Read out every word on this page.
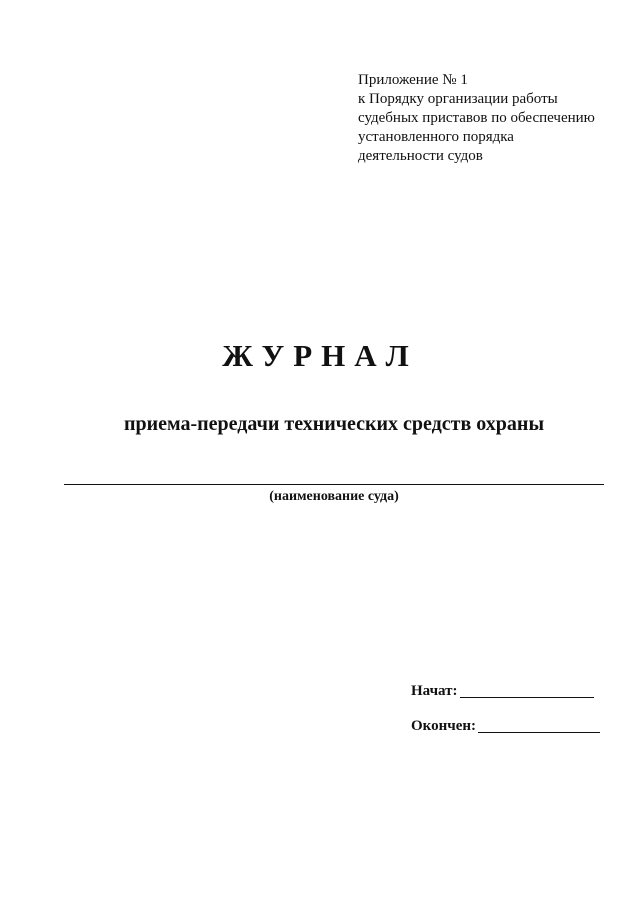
Приложение № 1
к Порядку организации работы
судебных приставов по обеспечению
установленного порядка
деятельности судов
ЖУРНАЛ
приема-передачи технических средств охраны
(наименование суда)
Начат:
Окончен:
